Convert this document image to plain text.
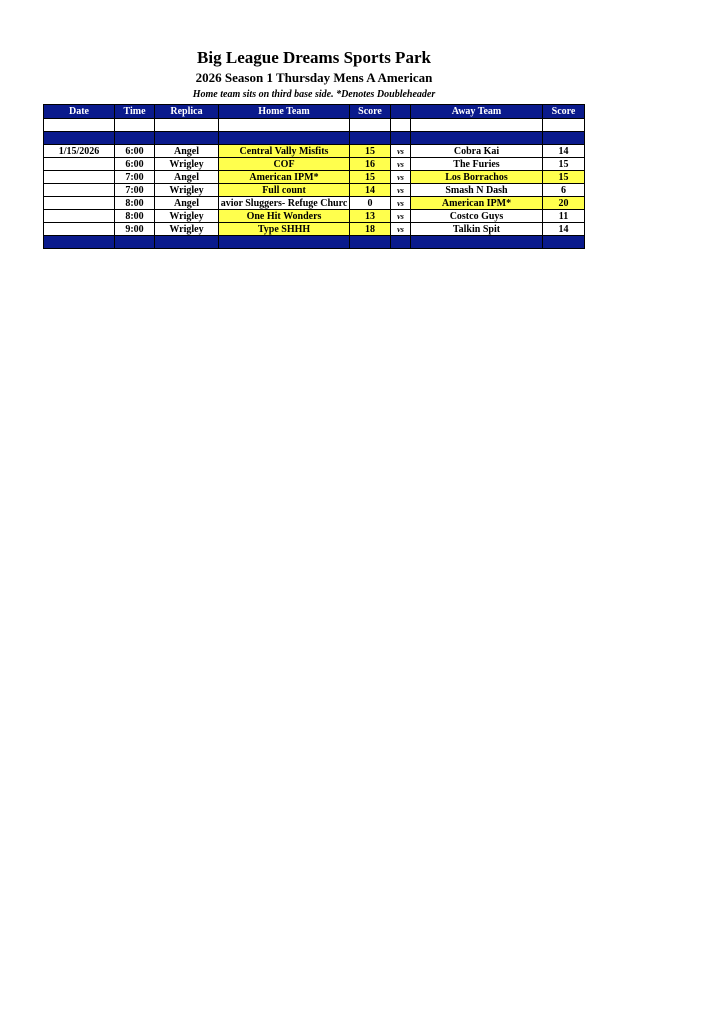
Big League Dreams Sports Park
2026 Season 1 Thursday Mens A American
Home team sits on third base side. *Denotes Doubleheader
Date	Time	Replica	Home Team	Score		Away Team	Score

1/15/2026	6:00	Angel	Central Vally Misfits	15	vs	Cobra Kai	14
	6:00	Wrigley	COF	16	vs	The Furies	15
	7:00	Angel	American IPM*	15	vs	Los Borrachos	15
	7:00	Wrigley	Full count	14	vs	Smash N Dash	6
	8:00	Angel	avior Sluggers- Refuge Churc	0	vs	American IPM*	20
	8:00	Wrigley	One Hit Wonders	13	vs	Costco Guys	11
	9:00	Wrigley	Type SHHH	18	vs	Talkin Spit	14
